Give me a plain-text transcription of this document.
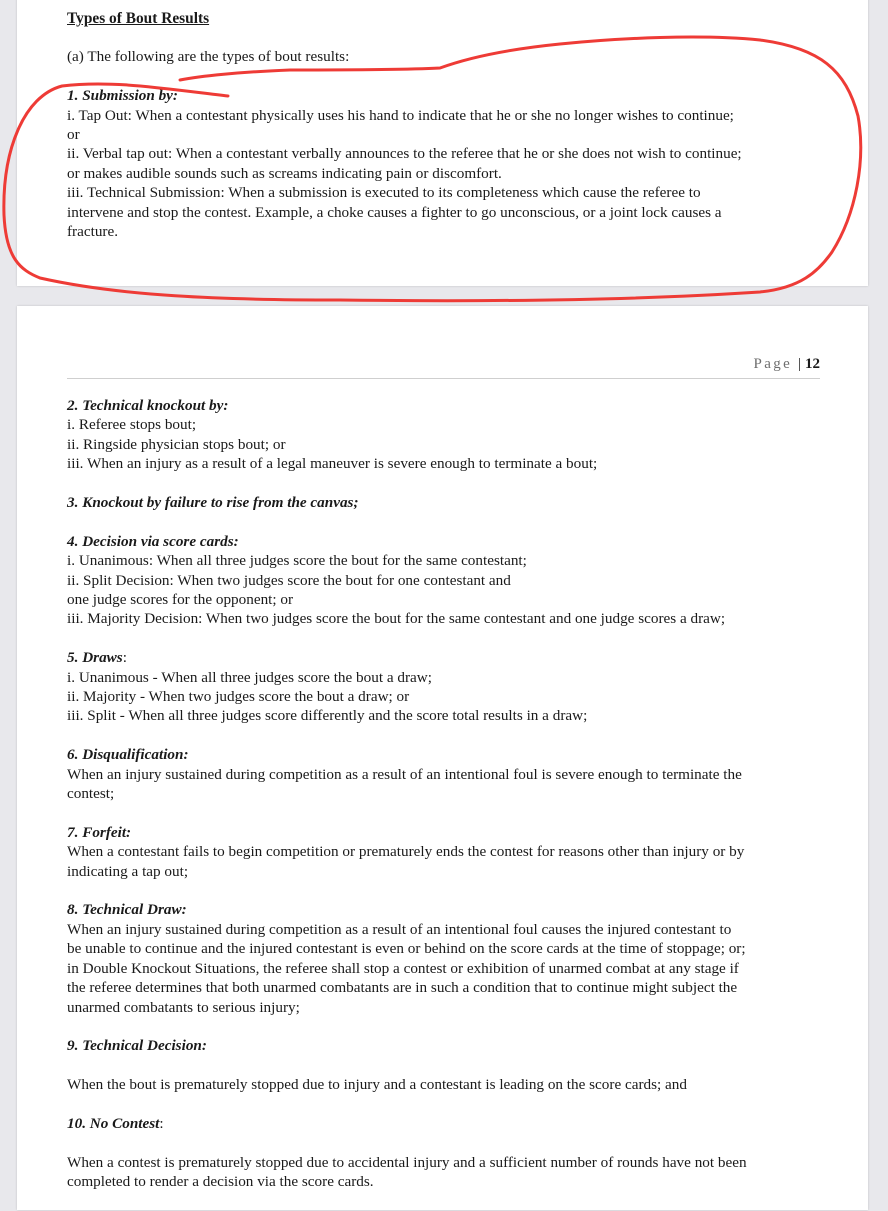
Types of Bout Results
(a) The following are the types of bout results:
1. Submission by:
i. Tap Out: When a contestant physically uses his hand to indicate that he or she no longer wishes to continue;
or
ii. Verbal tap out: When a contestant verbally announces to the referee that he or she does not wish to continue;
or makes audible sounds such as screams indicating pain or discomfort.
iii. Technical Submission: When a submission is executed to its completeness which cause the referee to
intervene and stop the contest. Example, a choke causes a fighter to go unconscious, or a joint lock causes a
fracture.
Page | 12
2. Technical knockout by:
i. Referee stops bout;
ii. Ringside physician stops bout; or
iii. When an injury as a result of a legal maneuver is severe enough to terminate a bout;
3. Knockout by failure to rise from the canvas;
4. Decision via score cards:
i. Unanimous: When all three judges score the bout for the same contestant;
ii. Split Decision: When two judges score the bout for one contestant and
one judge scores for the opponent; or
iii. Majority Decision: When two judges score the bout for the same contestant and one judge scores a draw;
5. Draws:
i. Unanimous - When all three judges score the bout a draw;
ii. Majority - When two judges score the bout a draw; or
iii. Split - When all three judges score differently and the score total results in a draw;
6. Disqualification:
When an injury sustained during competition as a result of an intentional foul is severe enough to terminate the
contest;
7. Forfeit:
When a contestant fails to begin competition or prematurely ends the contest for reasons other than injury or by
indicating a tap out;
8. Technical Draw:
When an injury sustained during competition as a result of an intentional foul causes the injured contestant to
be unable to continue and the injured contestant is even or behind on the score cards at the time of stoppage; or;
in Double Knockout Situations, the referee shall stop a contest or exhibition of unarmed combat at any stage if
the referee determines that both unarmed combatants are in such a condition that to continue might subject the
unarmed combatants to serious injury;
9. Technical Decision:
When the bout is prematurely stopped due to injury and a contestant is leading on the score cards; and
10. No Contest:
When a contest is prematurely stopped due to accidental injury and a sufficient number of rounds have not been
completed to render a decision via the score cards.
